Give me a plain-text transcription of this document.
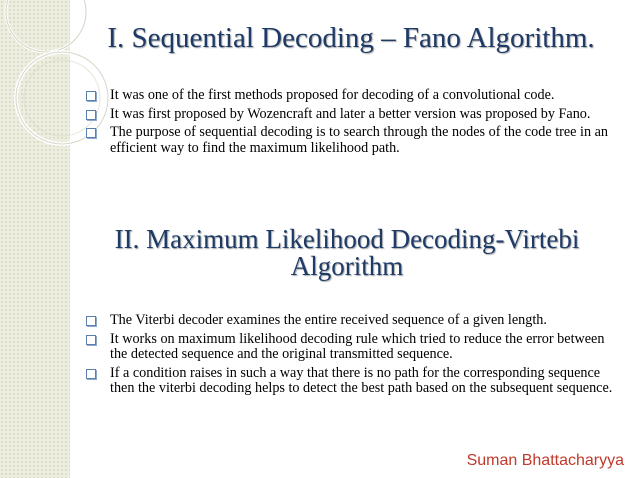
I. Sequential Decoding – Fano Algorithm.
It was one of the first methods proposed for decoding of a convolutional code.
It was first proposed by Wozencraft and later a better version was proposed by Fano.
The purpose of sequential decoding is to search through the nodes of the code tree in an efficient way to find the maximum likelihood path.
II. Maximum Likelihood Decoding-Virtebi
Algorithm
The Viterbi decoder examines the entire received sequence of a given length.
It works on maximum likelihood decoding rule which tried to reduce the error between the detected sequence and the original transmitted sequence.
If a condition raises in such a way that there is no path for the corresponding sequence then the viterbi decoding helps to detect the best path based on the subsequent sequence.
Suman Bhattacharyya
